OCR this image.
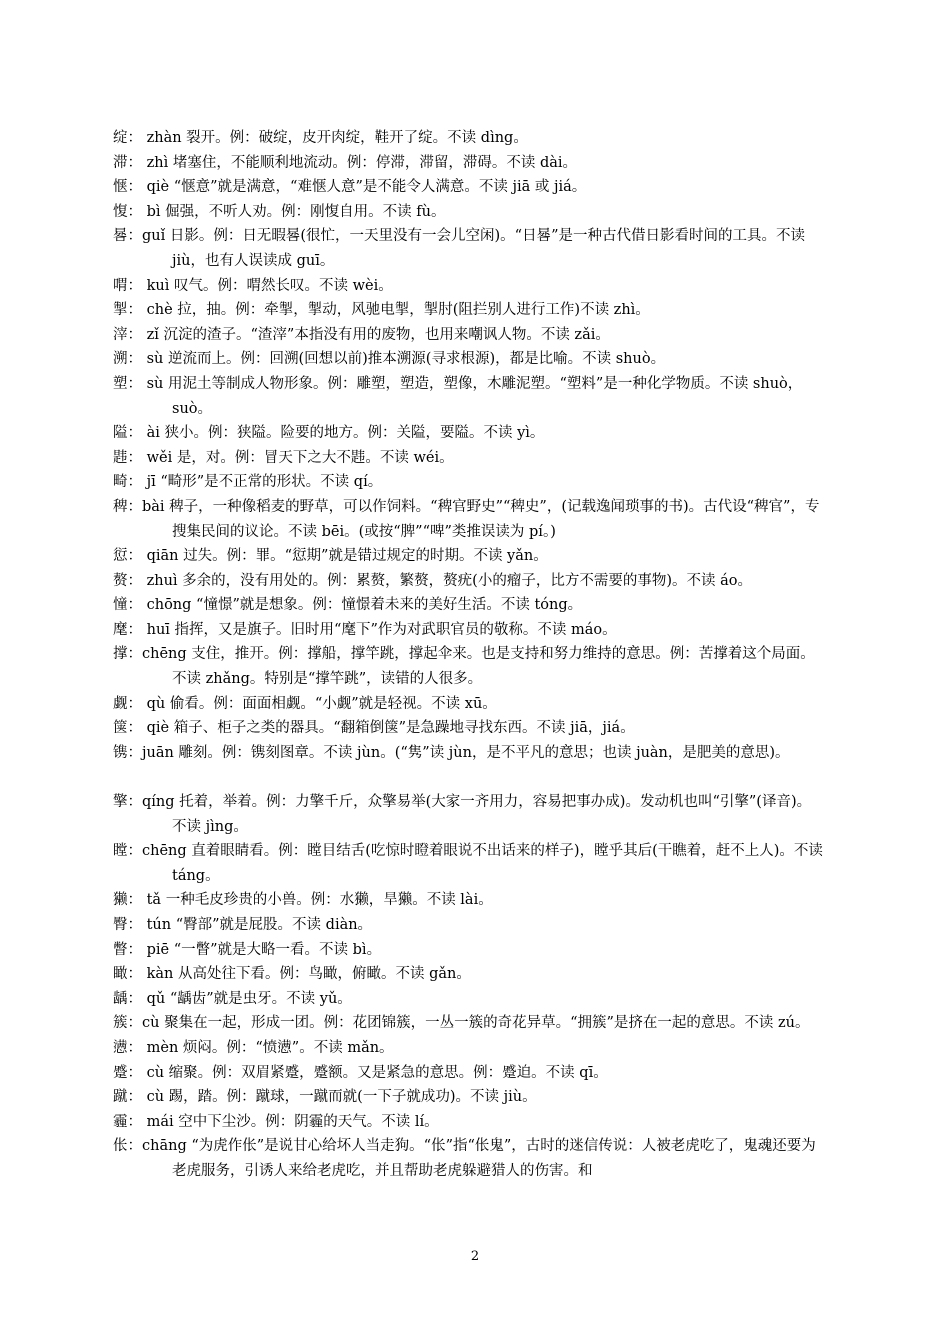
绽： zhàn 裂开。例：破绽，皮开肉绽，鞋开了绽。不读 dìng。

滞： zhì 堵塞住，不能顺利地流动。例：停滞，滞留，滞碍。不读 dài。

惬： qiè “惬意”就是满意，“难惬人意”是不能令人满意。不读 jiā 或 jiá。

愎： bì 倔强，不听人劝。例：刚愎自用。不读 fù。

晷：guǐ 日影。例：日无暇晷(很忙，一天里没有一会儿空闲)。“日晷”是一种古代借日影看时间的工具。不读 jiù，也有人误读成 guī。

喟： kuì 叹气。例：喟然长叹。不读 wèi。

掣： chè 拉，抽。例：牵掣，掣动，风驰电掣，掣肘(阻拦别人进行工作)不读 zhì。

滓： zǐ 沉淀的渣子。“渣滓”本指没有用的废物，也用来嘲讽人物。不读 zǎi。

溯： sù 逆流而上。例：回溯(回想以前)推本溯源(寻求根源)，都是比喻。不读 shuò。

塑： sù 用泥土等制成人物形象。例：雕塑，塑造，塑像，木雕泥塑。“塑料”是一种化学物质。不读 shuò，suò。

隘： ài 狭小。例：狭隘。险要的地方。例：关隘，要隘。不读 yì。

韪： wěi 是，对。例：冒天下之大不韪。不读 wéi。

畸： jī “畸形”是不正常的形状。不读 qí。

稗：bài 稗子，一种像稻麦的野草，可以作饲料。“稗官野史”“稗史”，(记载逸闻琐事的书)。古代设“稗官”，专搜集民间的议论。不读 bēi。(或按“脾”“啤”类推误读为 pí。)

愆： qiān 过失。例：罪。“愆期”就是错过规定的时期。不读 yǎn。

赘： zhuì 多余的，没有用处的。例：累赘，繁赘，赘疣(小的瘤子，比方不需要的事物)。不读 áo。

憧： chōng “憧憬”就是想象。例：憧憬着未来的美好生活。不读 tóng。

麾： huī 指挥，又是旗子。旧时用“麾下”作为对武职官员的敬称。不读 máo。

撑：chēng 支住，推开。例：撑船，撑竿跳，撑起伞来。也是支持和努力维持的意思。例：苦撑着这个局面。不读 zhǎng。特别是“撑竿跳”，读错的人很多。

觑： qù 偷看。例：面面相觑。“小觑”就是轻视。不读 xū。

箧： qiè 箱子、柜子之类的器具。“翻箱倒箧”是急躁地寻找东西。不读 jiā，jiá。

镌：juān 雕刻。例：镌刻图章。不读 jùn。(“隽”读 jùn，是不平凡的意思；也读 juàn，是肥美的意思)。

擎：qíng 托着，举着。例：力擎千斤，众擎易举(大家一齐用力，容易把事办成)。发动机也叫“引擎”(译音)。不读 jìng。

瞠：chēng 直着眼睛看。例：瞠目结舌(吃惊时瞪着眼说不出话来的样子)，瞠乎其后(干瞧着，赶不上人)。不读 táng。

獭： tǎ 一种毛皮珍贵的小兽。例：水獭，旱獭。不读 lài。

臀： tún “臀部”就是屁股。不读 diàn。

瞥： piē “一瞥”就是大略一看。不读 bì。

瞰： kàn 从高处往下看。例：鸟瞰，俯瞰。不读 gǎn。

龋： qǔ “龋齿”就是虫牙。不读 yǔ。

簇：cù 聚集在一起，形成一团。例：花团锦簇，一丛一簇的奇花异草。“拥簇”是挤在一起的意思。不读 zú。

懑： mèn 烦闷。例：“愤懑”。不读 mǎn。

蹙： cù 缩聚。例：双眉紧蹙，蹙额。又是紧急的意思。例：蹙迫。不读 qī。

蹴： cù 踢，踏。例：蹴球，一蹴而就(一下子就成功)。不读 jiù。

霾： mái 空中下尘沙。例：阴霾的天气。不读 lí。

伥：chāng “为虎作伥”是说甘心给坏人当走狗。“伥”指“伥鬼”，古时的迷信传说：人被老虎吃了，鬼魂还要为老虎服务，引诱人来给老虎吃，并且帮助老虎躲避猎人的伤害。和

2
